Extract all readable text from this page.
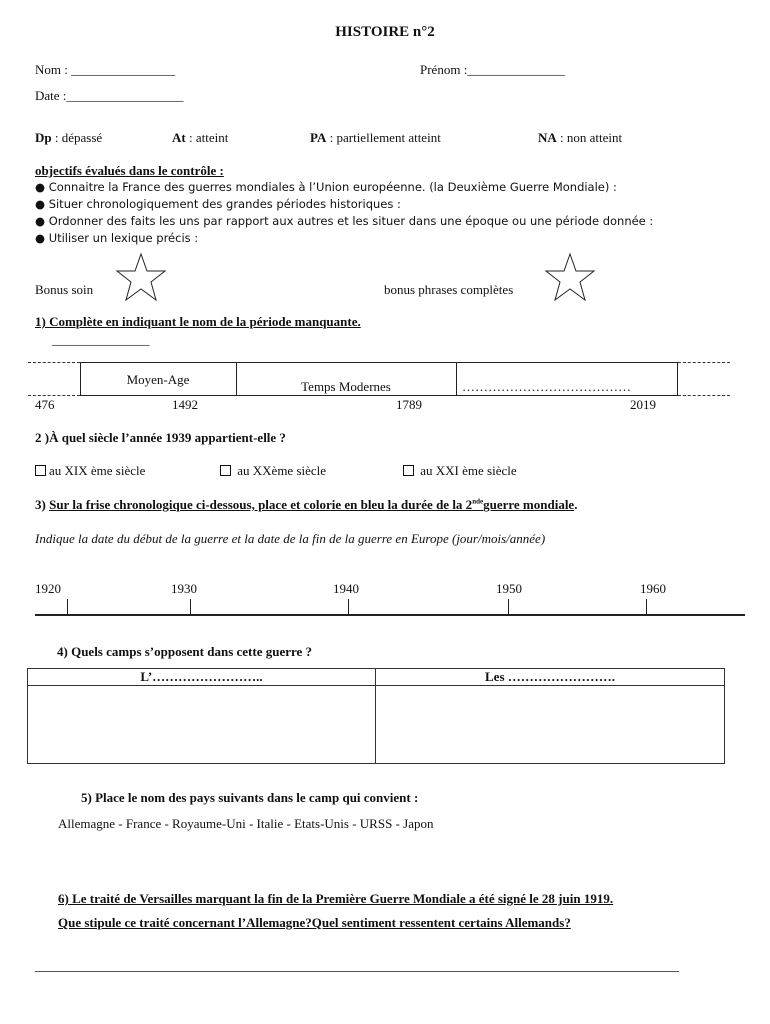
HISTOIRE n°2
Nom : ________________	Prénom :_______________
Date :__________________
Dp : dépassé	At : atteint	PA : partiellement atteint	NA : non atteint
objectifs évalués dans le contrôle :
● Connaitre la France des guerres mondiales à l’Union européenne. (la Deuxième Guerre Mondiale) :
● Situer chronologiquement des grandes périodes historiques :
● Ordonner des faits les uns par rapport aux autres et les situer dans une époque ou une période donnée :
● Utiliser un lexique précis :
Bonus soin	bonus phrases complètes
1) Complète en indiquant le nom de la période manquante.
_______________
Moyen-Age	Temps Modernes	…………………………………
476	1492	1789	2019
2 )À quel siècle l’année 1939 appartient-elle ?
au XIX ème siècle	au XXème siècle	au XXI ème siècle
3) Sur la frise chronologique ci-dessous, place et colorie en bleu la durée de la 2ndeguerre mondiale.
Indique la date du début de la guerre et la date de la fin de la guerre en Europe (jour/mois/année)
1920	1930	1940	1950	1960
4) Quels camps s’opposent dans cette guerre ?
L’……………………..	Les …………………….
5) Place le nom des pays suivants dans le camp qui convient :
Allemagne - France - Royaume-Uni - Italie - Etats-Unis - URSS - Japon
6) Le traité de Versailles marquant la fin de la Première Guerre Mondiale a été signé le 28 juin 1919.
Que stipule ce traité concernant l’Allemagne?Quel sentiment ressentent certains Allemands?
